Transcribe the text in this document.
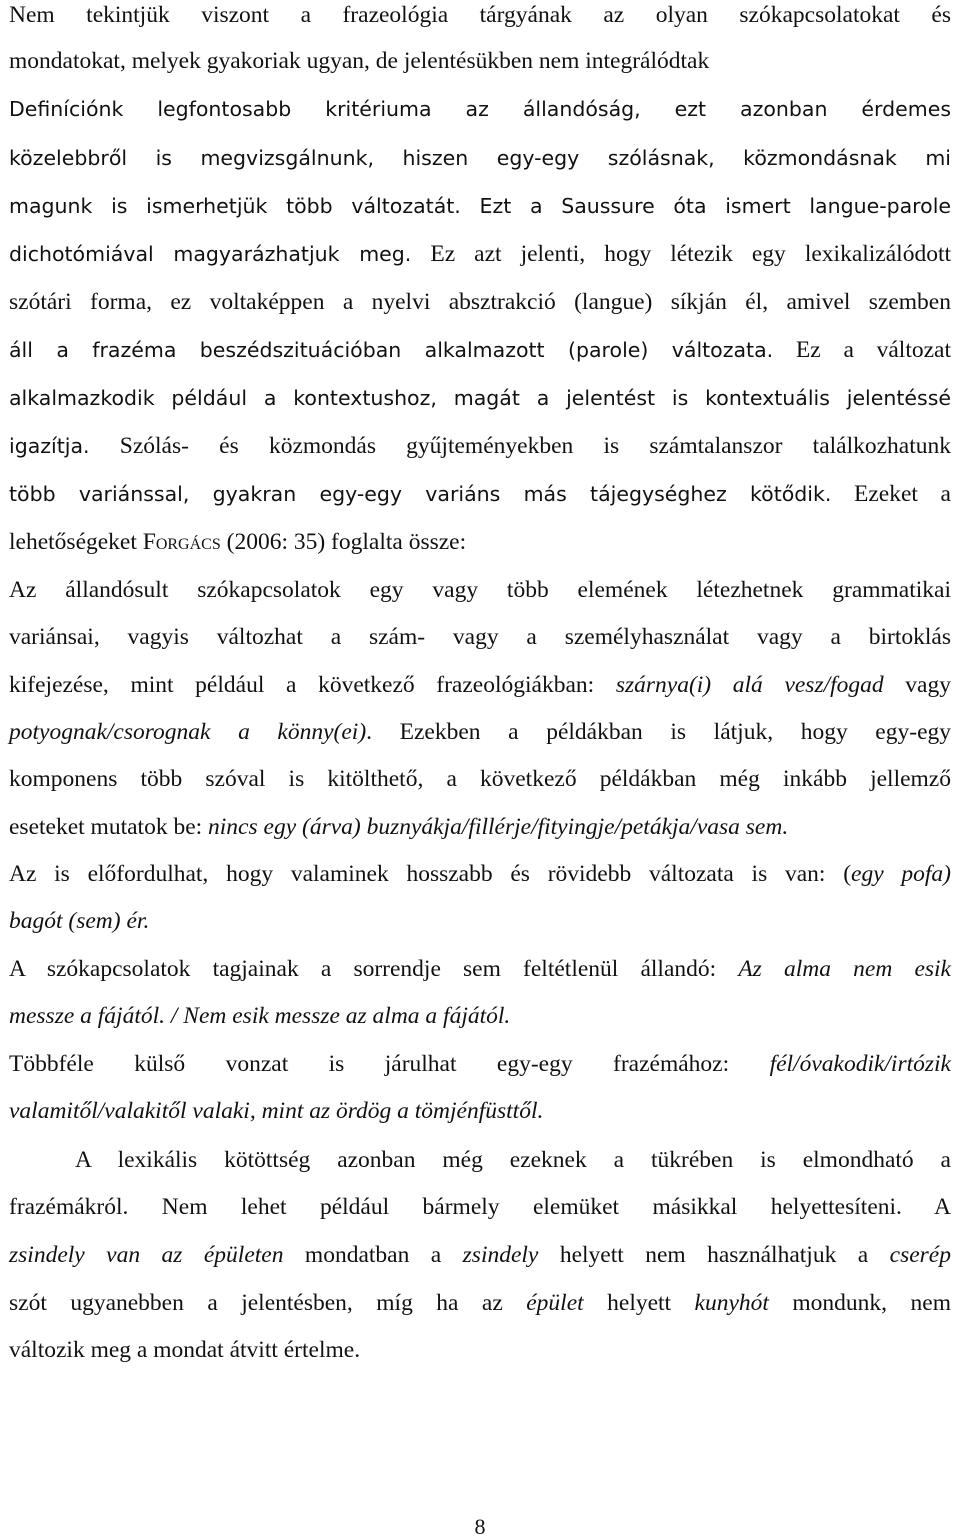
Nem tekintjük viszont a frazeológia tárgyának az olyan szókapcsolatokat és
mondatokat, melyek gyakoriak ugyan, de jelentésükben nem integrálódtak
Definíciónk legfontosabb kritériuma az állandóság, ezt azonban érdemes
közelebbről is megvizsgálnunk, hiszen egy-egy szólásnak, közmondásnak mi
magunk is ismerhetjük több változatát. Ezt a Saussure óta ismert langue-parole
dichotómiával magyarázhatjuk meg. Ez azt jelenti, hogy létezik egy lexikalizálódott
szótári forma, ez voltaképpen a nyelvi absztrakció (langue) síkján él, amivel szemben
áll a frazéma beszédszituációban alkalmazott (parole) változata. Ez a változat
alkalmazkodik például a kontextushoz, magát a jelentést is kontextuális jelentéssé
igazítja. Szólás- és közmondás gyűjteményekben is számtalanszor találkozhatunk
több variánssal, gyakran egy-egy variáns más tájegységhez kötődik. Ezeket a
lehetőségeket Forgács (2006: 35) foglalta össze:
Az állandósult szókapcsolatok egy vagy több elemének létezhetnek grammatikai
variánsai, vagyis változhat a szám- vagy a személyhasználat vagy a birtoklás
kifejezése, mint például a következő frazeológiákban: szárnya(i) alá vesz/fogad vagy
potyognak/csorognak a könny(ei). Ezekben a példákban is látjuk, hogy egy-egy
komponens több szóval is kitölthető, a következő példákban még inkább jellemző
eseteket mutatok be: nincs egy (árva) buznyákja/fillérje/fityingje/petákja/vasa sem.
Az is előfordulhat, hogy valaminek hosszabb és rövidebb változata is van: (egy pofa)
bagót (sem) ér.
A szókapcsolatok tagjainak a sorrendje sem feltétlenül állandó: Az alma nem esik
messze a fájától. / Nem esik messze az alma a fájától.
Többféle külső vonzat is járulhat egy-egy frazémához: fél/óvakodik/irtózik
valamitől/valakitől valaki, mint az ördög a tömjénfüsttől.
A lexikális kötöttség azonban még ezeknek a tükrében is elmondható a
frazémákról. Nem lehet például bármely elemüket másikkal helyettesíteni. A
zsindely van az épületen mondatban a zsindely helyett nem használhatjuk a cserép
szót ugyanebben a jelentésben, míg ha az épület helyett kunyhót mondunk, nem
változik meg a mondat átvitt értelme.
8
